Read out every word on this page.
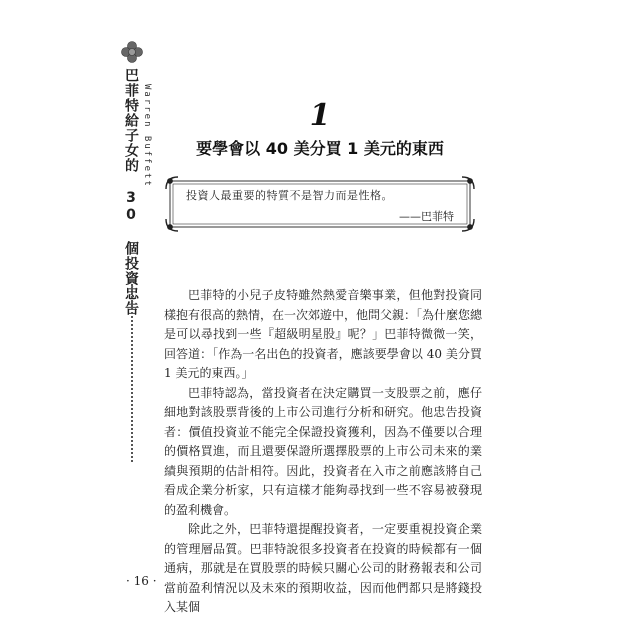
巴菲特給子女的 30 個投資忠告 Warren Buffett	1
要學會以 40 美分買 1 美元的東西
投資人最重要的特質不是智力而是性格。
——巴菲特

巴菲特的小兒子皮特雖然熱愛音樂事業，但他對投資同樣抱有很高的熱情，在一次郊遊中，他問父親：「為什麼您總是可以尋找到一些『超級明星股』呢？」巴菲特微微一笑，回答道：「作為一名出色的投資者，應該要學會以 40 美分買 1 美元的東西。」

巴菲特認為，當投資者在決定購買一支股票之前，應仔細地對該股票背後的上市公司進行分析和研究。他忠告投資者：價值投資並不能完全保證投資獲利，因為不僅要以合理的價格買進，而且還要保證所選擇股票的上市公司未來的業績與預期的估計相符。因此，投資者在入市之前應該將自己看成企業分析家，只有這樣才能夠尋找到一些不容易被發現的盈利機會。

除此之外，巴菲特還提醒投資者，一定要重視投資企業的管理層品質。巴菲特說很多投資者在投資的時候都有一個通病，那就是在買股票的時候只關心公司的財務報表和公司當前盈利情況以及未來的預期收益，因而他們都只是將錢投入某個

· 16 ·
